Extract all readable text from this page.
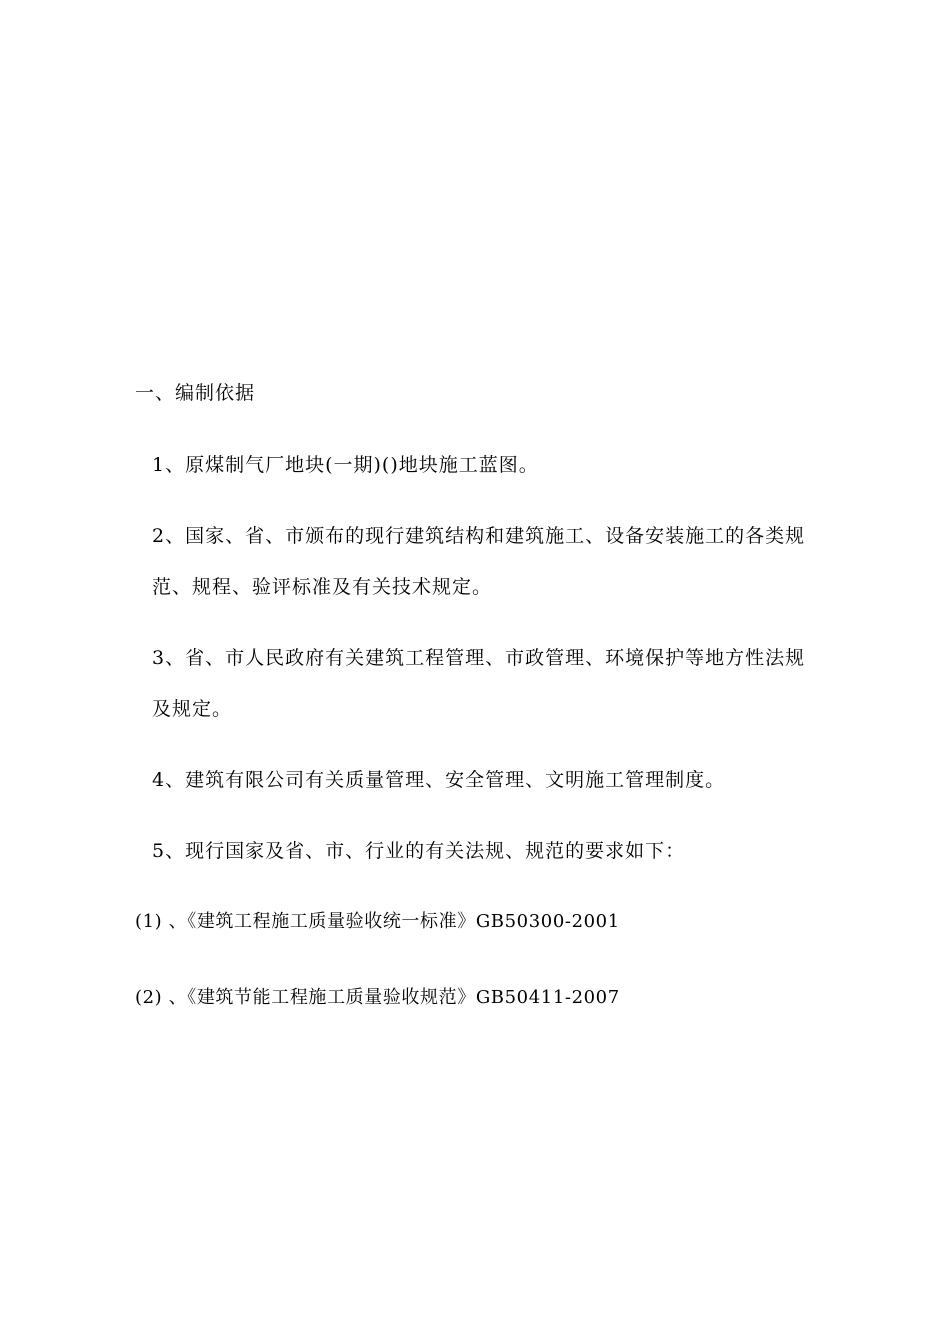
一、编制依据
1、原煤制气厂地块(一期)()地块施工蓝图。
2、国家、省、市颁布的现行建筑结构和建筑施工、设备安装施工的各类规
范、规程、验评标准及有关技术规定。
3、省、市人民政府有关建筑工程管理、市政管理、环境保护等地方性法规
及规定。
4、建筑有限公司有关质量管理、安全管理、文明施工管理制度。
5、现行国家及省、市、行业的有关法规、规范的要求如下：
(1) 、《建筑工程施工质量验收统一标准》GB50300-2001
(2) 、《建筑节能工程施工质量验收规范》GB50411-2007
